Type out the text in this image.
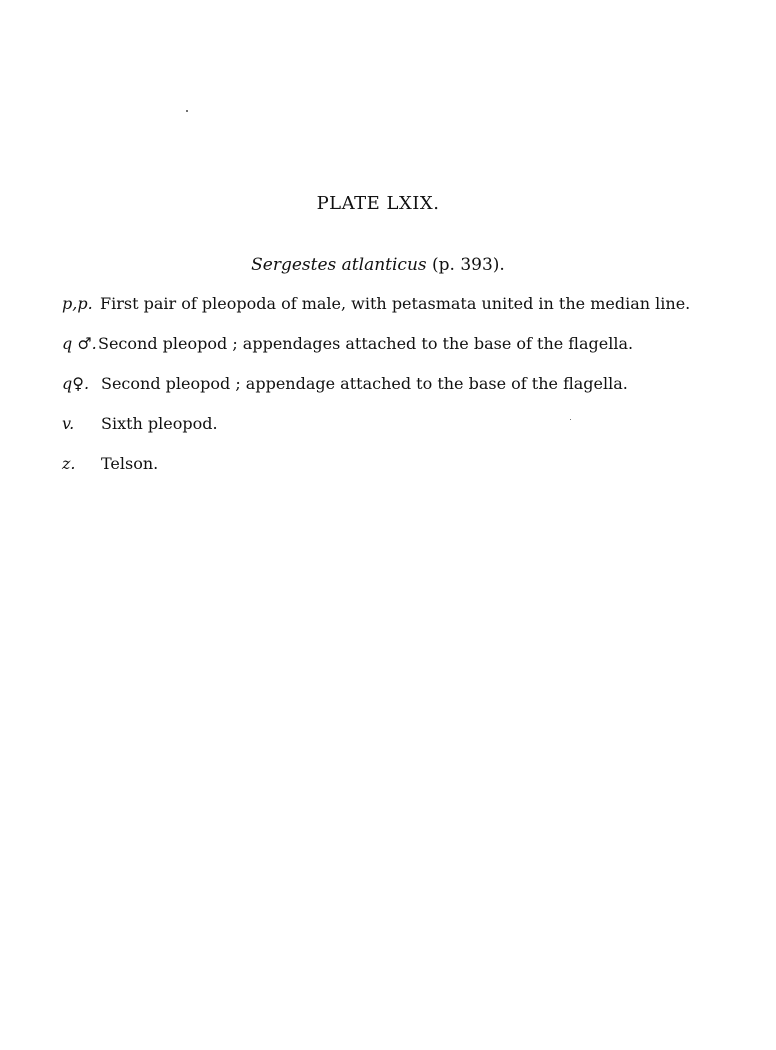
PLATE LXIX.
Sergestes atlanticus (p. 393).
p,p. First pair of pleopoda of male, with petasmata united in the median line.
q ♂. Second pleopod ; appendages attached to the base of the flagella.
q♀. Second pleopod ; appendage attached to the base of the flagella.
v. Sixth pleopod.
z. Telson.
